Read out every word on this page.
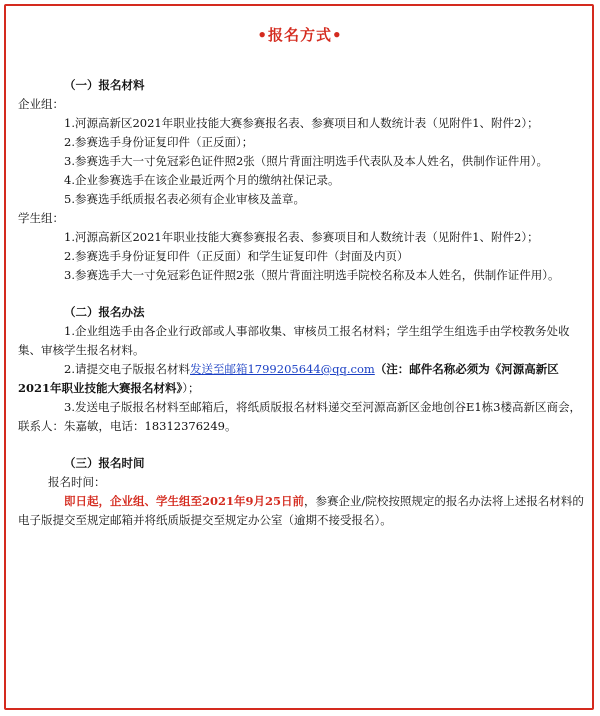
•报名方式•

（一）报名材料

企业组：

1.河源高新区2021年职业技能大赛参赛报名表、参赛项目和人数统计表（见附件1、附件2）；

2.参赛选手身份证复印件（正反面）；

3.参赛选手大一寸免冠彩色证件照2张（照片背面注明选手代表队及本人姓名，供制作证件用）。

4.企业参赛选手在该企业最近两个月的缴纳社保记录。

5.参赛选手纸质报名表必须有企业审核及盖章。

学生组：

1.河源高新区2021年职业技能大赛参赛报名表、参赛项目和人数统计表（见附件1、附件2）；

2.参赛选手身份证复印件（正反面）和学生证复印件（封面及内页）

3.参赛选手大一寸免冠彩色证件照2张（照片背面注明选手院校名称及本人姓名，供制作证件用）。

（二）报名办法

1.企业组选手由各企业行政部或人事部收集、审核员工报名材料；学生组学生组选手由学校教务处收集、审核学生报名材料。

2.请提交电子版报名材料发送至邮箱1799205644@qq.com（注：邮件名称必须为《河源高新区2021年职业技能大赛报名材料》）；

3.发送电子版报名材料至邮箱后，将纸质版报名材料递交至河源高新区金地创谷E1栋3楼高新区商会，联系人：朱嘉敏，电话：18312376249。

（三）报名时间

报名时间：

即日起，企业组、学生组至2021年9月25日前，参赛企业/院校按照规定的报名办法将上述报名材料的电子版提交至规定邮箱并将纸质版提交至规定办公室（逾期不接受报名）。
